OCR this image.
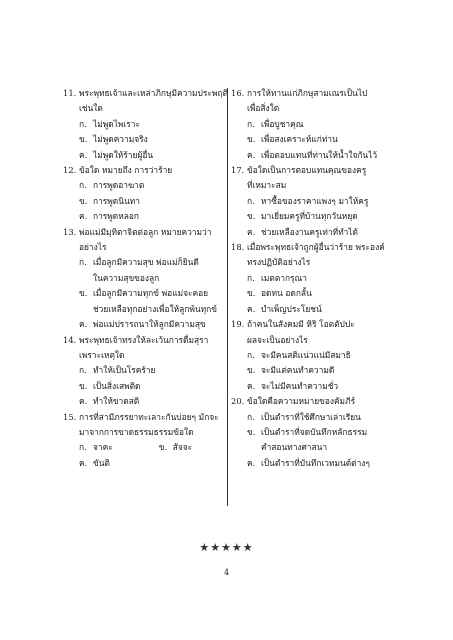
11. พระพุทธเจ้าและเหล่าภิกษุมีความประพฤติ
เช่นใด
ก. ไม่พูดไพเราะ
ข. ไม่พูดความจริง
ค. ไม่พูดให้ร้ายผู้อื่น
12. ข้อใด หมายถึง การว่าร้าย
ก. การพูดอาฆาต
ข. การพูดนินทา
ค. การพูดหลอก
13. พ่อแม่มีมุทิตาจิตต่อลูก หมายความว่า
อย่างไร
ก. เมื่อลูกมีความสุข พ่อแม่ก็ยินดี
ในความสุขของลูก
ข. เมื่อลูกมีความทุกข์ พ่อแม่จะคอย
ช่วยเหลือทุกอย่างเพื่อให้ลูกพ้นทุกข์
ค. พ่อแม่ปรารถนาให้ลูกมีความสุข
14. พระพุทธเจ้าทรงให้ละเว้นการดื่มสุรา
เพราะเหตุใด
ก. ทำให้เป็นโรคร้าย
ข. เป็นสิ่งเสพติด
ค. ทำให้ขาดสติ
15. การที่สามีภรรยาทะเลาะกันบ่อยๆ มักจะ
มาจากการขาดธรรมธรรมข้อใด
ก. จาคะ	ข. สัจจะ
ค. ขันติ
16. การให้ทานแก่ภิกษุสามเณรเป็นไป
เพื่อสิ่งใด
ก. เพื่อบูชาคุณ
ข. เพื่อสงเคราะห์แก่ท่าน
ค. เพื่อตอบแทนที่ท่านให้น้ำใจกันไว้
17. ข้อใดเป็นการตอบแทนคุณของครู
ที่เหมาะสม
ก. หาซื้อของราคาแพงๆ มาให้ครู
ข. มาเยี่ยมครูที่บ้านทุกวันหยุด
ค. ช่วยเหลืองานครูเท่าที่ทำได้
18. เมื่อพระพุทธเจ้าถูกผู้อื่นว่าร้าย พระองค์
ทรงปฏิบัติอย่างไร
ก. เมตตากรุณา
ข. อดทน อดกลั้น
ค. บำเพ็ญประโยชน์
19. ถ้าคนในสังคมมี หิริ โอตตัปปะ
ผลจะเป็นอย่างไร
ก. จะมีคนสติแน่วแน่มีสมาธิ
ข. จะมีแต่คนทำความดี
ค. จะไม่มีคนทำความชั่ว
20. ข้อใดคือความหมายของคัมภีร์
ก. เป็นตำราที่ใช้ศึกษาเล่าเรียน
ข. เป็นตำราที่จดบันทึกหลักธรรม
คำสอนทางศาสนา
ค. เป็นตำราที่บันทึกเวทมนต์ต่างๆ
★★★★★
4
